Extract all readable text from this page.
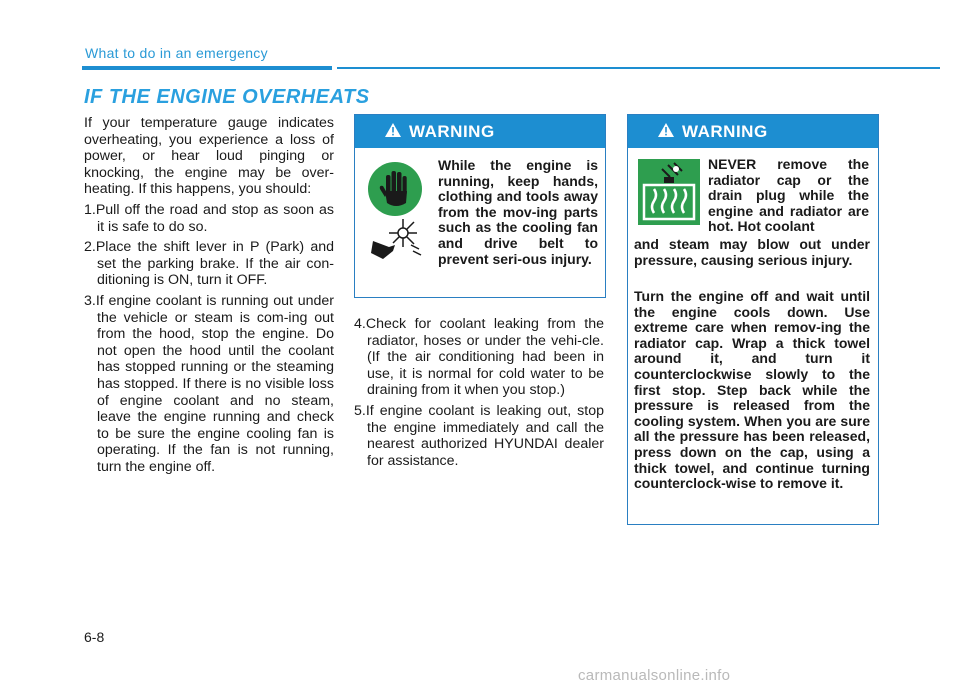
What to do in an emergency
IF THE ENGINE OVERHEATS

If your temperature gauge indicates overheating, you experience a loss of power, or hear loud pinging or knocking, the engine may be over-heating. If this happens, you should:

1.Pull off the road and stop as soon as it is safe to do so.

2.Place the shift lever in P (Park) and set the parking brake. If the air con-ditioning is ON, turn it OFF.

3.If engine coolant is running out under the vehicle or steam is com-ing out from the hood, stop the engine. Do not open the hood until the coolant has stopped running or the steaming has stopped. If there is no visible loss of engine coolant and no steam, leave the engine running and check to be sure the engine cooling fan is operating. If the fan is not running, turn the engine off.

4.Check for coolant leaking from the radiator, hoses or under the vehi-cle. (If the air conditioning had been in use, it is normal for cold water to be draining from it when you stop.)

5.If engine coolant is leaking out, stop the engine immediately and call the nearest authorized HYUNDAI dealer for assistance.

WARNING
While the engine is running, keep hands, clothing and tools away from the mov-ing parts such as the cooling fan and drive belt to prevent seri-ous injury.
WARNING
NEVER remove the radiator cap or the drain plug while the engine and radiator are hot. Hot coolant
and steam may blow out under pressure, causing serious injury.
Turn the engine off and wait until the engine cools down. Use extreme care when remov-ing the radiator cap. Wrap a thick towel around it, and turn it counterclockwise slowly to the first stop. Step back while the pressure is released from the cooling system. When you are sure all the pressure has been released, press down on the cap, using a thick towel, and continue turning counterclock-wise to remove it.
6-8
carmanualsonline.info
